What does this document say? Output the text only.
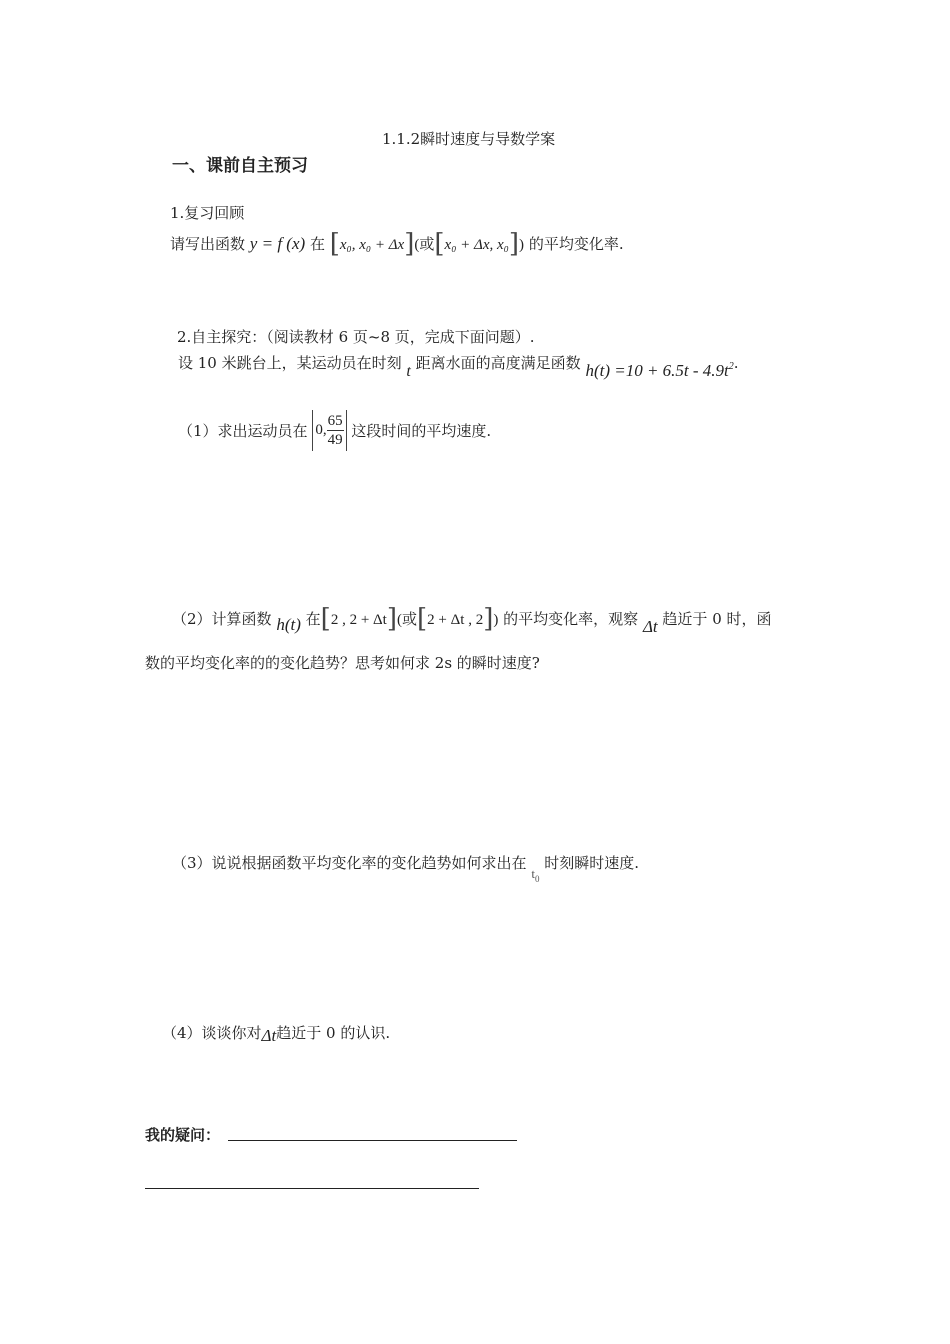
1.1.2瞬时速度与导数学案
一、课前自主预习
1.复习回顾
请写出函数 y = f (x) 在 [x₀, x₀ + Δx](或[x₀ + Δx, x₀]) 的平均变化率.
2.自主探究：（阅读教材 6 页~8 页，完成下面问题）.
设 10 米跳台上，某运动员在时刻 t 距离水面的高度满足函数 $h(t) =10 + 6.5t - 4.9t^2$.
（1）求出运动员在 0, $\frac{65}{49}$ 这段时间的平均速度.
（2）计算函数 h(t) 在[2 , 2 + Δt](或[2 + Δt , 2]) 的平均变化率，观察 Δt 趋近于 0 时，函
数的平均变化率的的变化趋势？思考如何求 2s 的瞬时速度?
（3）说说根据函数平均变化率的变化趋势如何求出在 $t_0$ 时刻瞬时速度.
（4）谈谈你对Δt趋近于 0 的认识.
我的疑问：
